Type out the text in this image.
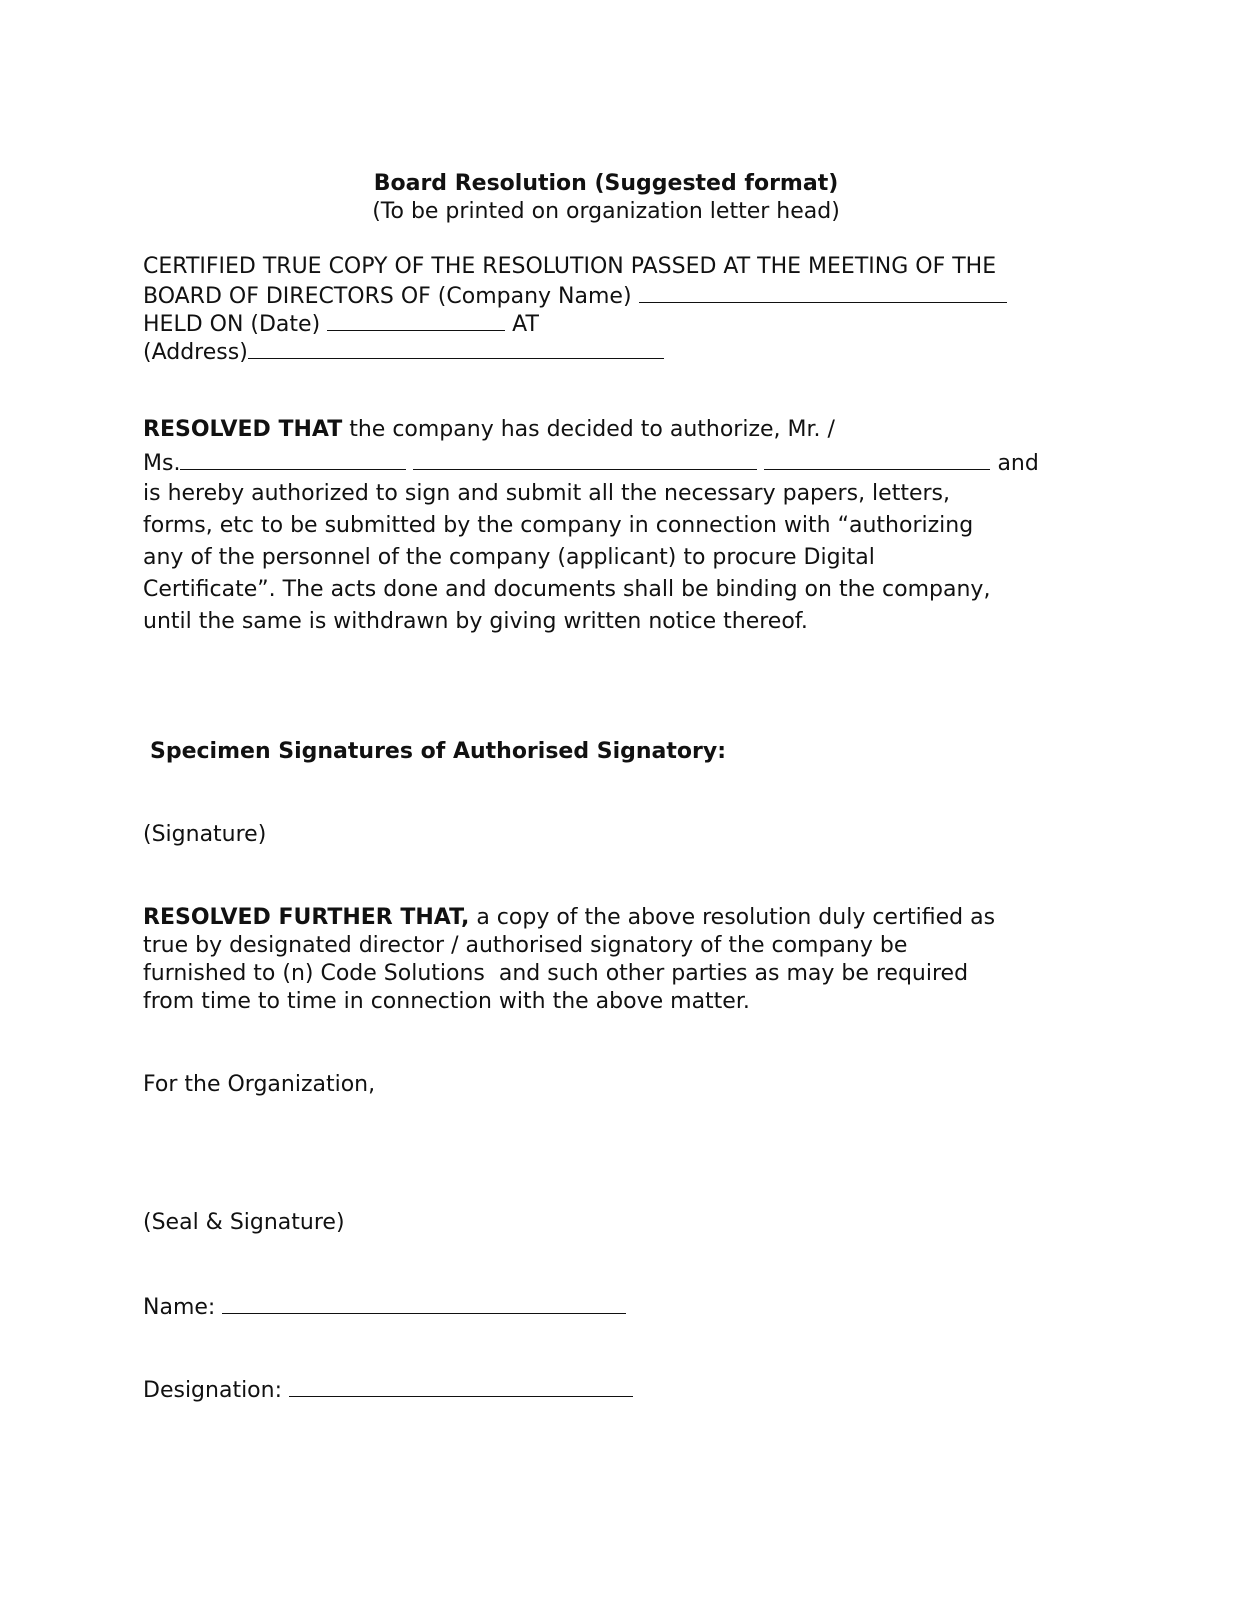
Board Resolution (Suggested format)
(To be printed on organization letter head)
CERTIFIED TRUE COPY OF THE RESOLUTION PASSED AT THE MEETING OF THE
BOARD OF DIRECTORS OF (Company Name)
HELD ON (Date)	AT
(Address)
RESOLVED THAT the company has decided to authorize, Mr. /
Ms.	and
is hereby authorized to sign and submit all the necessary papers, letters,
forms, etc to be submitted by the company in connection with “authorizing
any of the personnel of the company (applicant) to procure Digital
Certificate”. The acts done and documents shall be binding on the company,
until the same is withdrawn by giving written notice thereof.
Specimen Signatures of Authorised Signatory:
(Signature)
RESOLVED FURTHER THAT, a copy of the above resolution duly certified as
true by designated director / authorised signatory of the company be
furnished to (n) Code Solutions  and such other parties as may be required
from time to time in connection with the above matter.
For the Organization,
(Seal & Signature)
Name:
Designation:
